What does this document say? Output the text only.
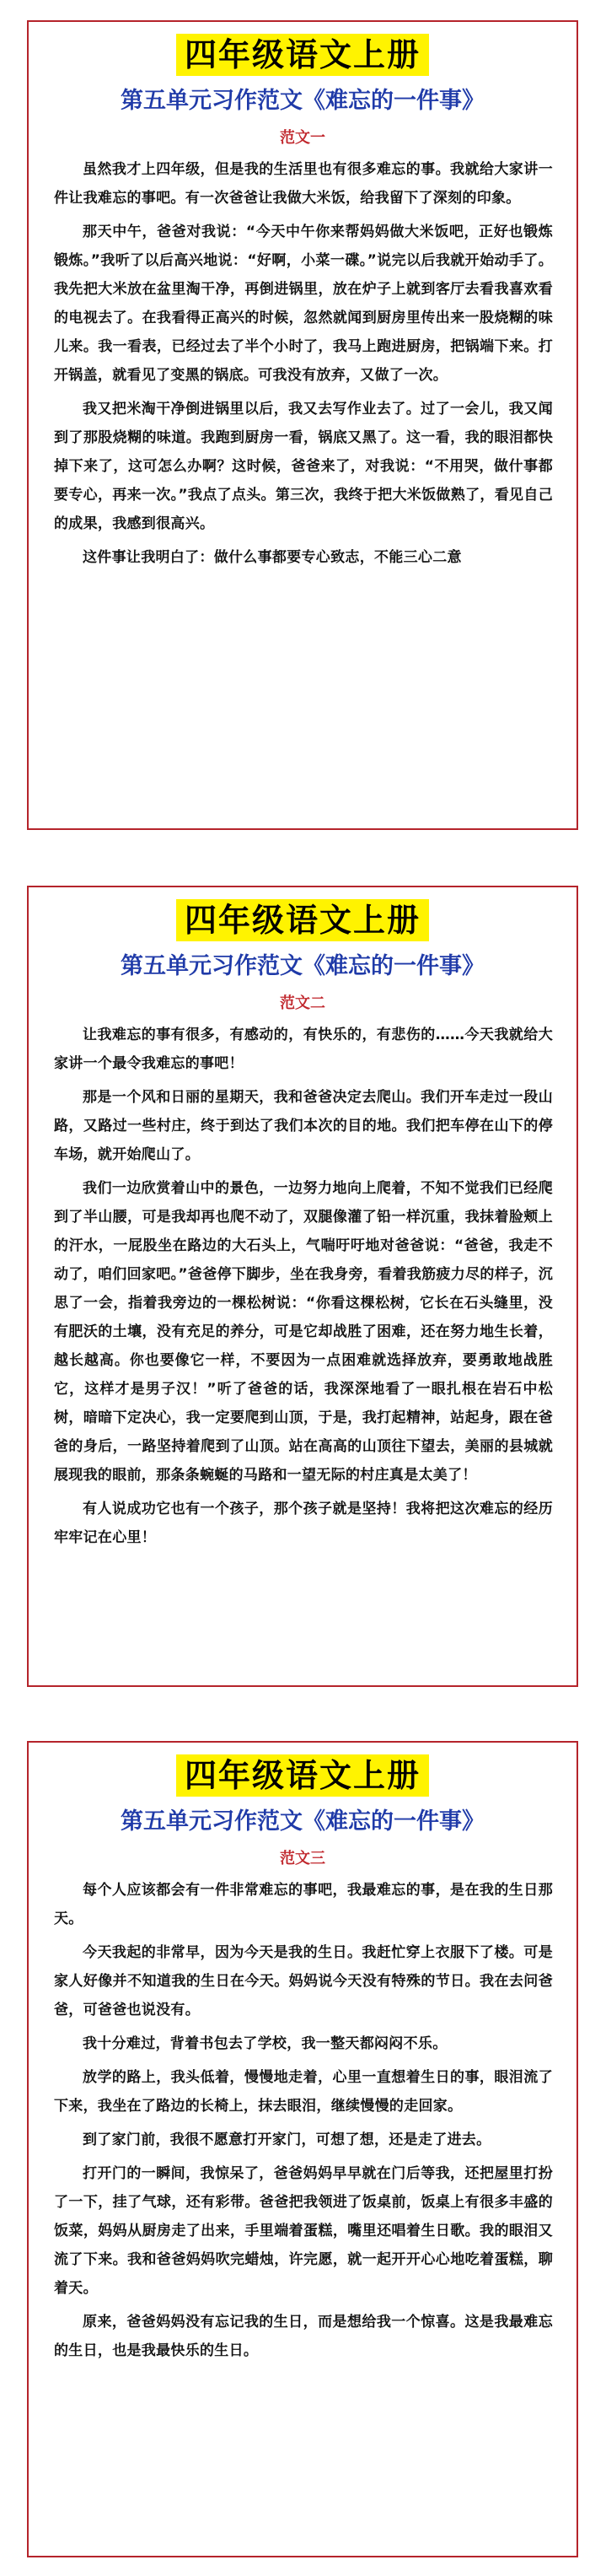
四年级语文上册
第五单元习作范文《难忘的一件事》
范文一

虽然我才上四年级，但是我的生活里也有很多难忘的事。我就给大家讲一件让我难忘的事吧。有一次爸爸让我做大米饭，给我留下了深刻的印象。

那天中午，爸爸对我说：“今天中午你来帮妈妈做大米饭吧，正好也锻炼锻炼。”我听了以后高兴地说：“好啊，小菜一碟。”说完以后我就开始动手了。我先把大米放在盆里淘干净，再倒进锅里，放在炉子上就到客厅去看我喜欢看的电视去了。在我看得正高兴的时候，忽然就闻到厨房里传出来一股烧糊的味儿来。我一看表，已经过去了半个小时了，我马上跑进厨房，把锅端下来。打开锅盖，就看见了变黑的锅底。可我没有放弃，又做了一次。

我又把米淘干净倒进锅里以后，我又去写作业去了。过了一会儿，我又闻到了那股烧糊的味道。我跑到厨房一看，锅底又黑了。这一看，我的眼泪都快掉下来了，这可怎么办啊？这时候，爸爸来了，对我说：“不用哭，做什事都要专心，再来一次。”我点了点头。第三次，我终于把大米饭做熟了，看见自己的成果，我感到很高兴。

这件事让我明白了：做什么事都要专心致志，不能三心二意

四年级语文上册
第五单元习作范文《难忘的一件事》
范文二

让我难忘的事有很多，有感动的，有快乐的，有悲伤的……今天我就给大家讲一个最令我难忘的事吧！

那是一个风和日丽的星期天，我和爸爸决定去爬山。我们开车走过一段山路，又路过一些村庄，终于到达了我们本次的目的地。我们把车停在山下的停车场，就开始爬山了。

我们一边欣赏着山中的景色，一边努力地向上爬着，不知不觉我们已经爬到了半山腰，可是我却再也爬不动了，双腿像灌了铅一样沉重，我抹着脸颊上的汗水，一屁股坐在路边的大石头上，气喘吁吁地对爸爸说：“爸爸，我走不动了，咱们回家吧。”爸爸停下脚步，坐在我身旁，看着我筋疲力尽的样子，沉思了一会，指着我旁边的一棵松树说：“你看这棵松树，它长在石头缝里，没有肥沃的土壤，没有充足的养分，可是它却战胜了困难，还在努力地生长着，越长越高。你也要像它一样，不要因为一点困难就选择放弃，要勇敢地战胜它，这样才是男子汉！”听了爸爸的话，我深深地看了一眼扎根在岩石中松树，暗暗下定决心，我一定要爬到山顶，于是，我打起精神，站起身，跟在爸爸的身后，一路坚持着爬到了山顶。站在高高的山顶往下望去，美丽的县城就展现我的眼前，那条条蜿蜒的马路和一望无际的村庄真是太美了！

有人说成功它也有一个孩子，那个孩子就是坚持！我将把这次难忘的经历牢牢记在心里！

四年级语文上册
第五单元习作范文《难忘的一件事》
范文三

每个人应该都会有一件非常难忘的事吧，我最难忘的事，是在我的生日那天。

今天我起的非常早，因为今天是我的生日。我赶忙穿上衣服下了楼。可是家人好像并不知道我的生日在今天。妈妈说今天没有特殊的节日。我在去问爸爸，可爸爸也说没有。

我十分难过，背着书包去了学校，我一整天都闷闷不乐。

放学的路上，我头低着，慢慢地走着，心里一直想着生日的事，眼泪流了下来，我坐在了路边的长椅上，抹去眼泪，继续慢慢的走回家。

到了家门前，我很不愿意打开家门，可想了想，还是走了进去。

打开门的一瞬间，我惊呆了，爸爸妈妈早早就在门后等我，还把屋里打扮了一下，挂了气球，还有彩带。爸爸把我领进了饭桌前，饭桌上有很多丰盛的饭菜，妈妈从厨房走了出来，手里端着蛋糕，嘴里还唱着生日歌。我的眼泪又流了下来。我和爸爸妈妈吹完蜡烛，许完愿，就一起开开心心地吃着蛋糕，聊着天。

原来，爸爸妈妈没有忘记我的生日，而是想给我一个惊喜。这是我最难忘的生日，也是我最快乐的生日。
